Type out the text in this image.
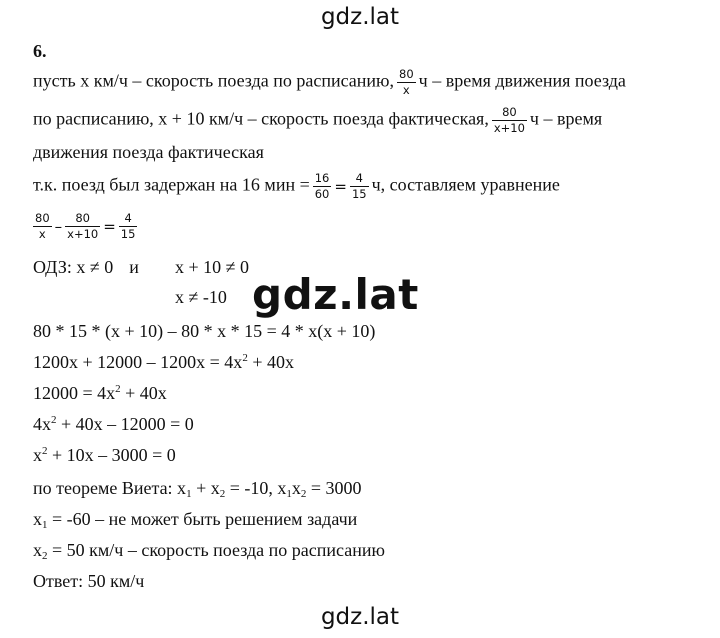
gdz.lat
gdz.lat
gdz.lat
6.
пусть х км/ч – скорость поезда по расписанию, $\frac{80}{x}$ ч – время движения поезда
по расписанию, х + 10 км/ч – скорость поезда фактическая, $\frac{80}{x+10}$ ч – время
движения поезда фактическая
т.к. поезд был задержан на 16 мин = $\frac{16}{60} = \frac{4}{15} ч$, составляем уравнение
$\frac{80}{x} - \frac{80}{x+10} = \frac{4}{15}$
ОДЗ: х ≠ 0 и х + 10 ≠ 0
х ≠ -10
80 * 15 * (х + 10) – 80 * х * 15 = 4 * х(х + 10)
$1200х + 12000 - 1200х = 4х^2 + 40х$
$12000 = 4х^2 + 40х$
$4х^2 + 40х - 12000 = 0$
$х^2 + 10х - 3000 = 0$
по теореме Виета: $х_1 + х_2 = -10$, $х_1х_2 = 3000$
$х_1 = -60$ – не может быть решением задачи
$х_2 = 50$ км/ч – скорость поезда по расписанию
Ответ: 50 км/ч
